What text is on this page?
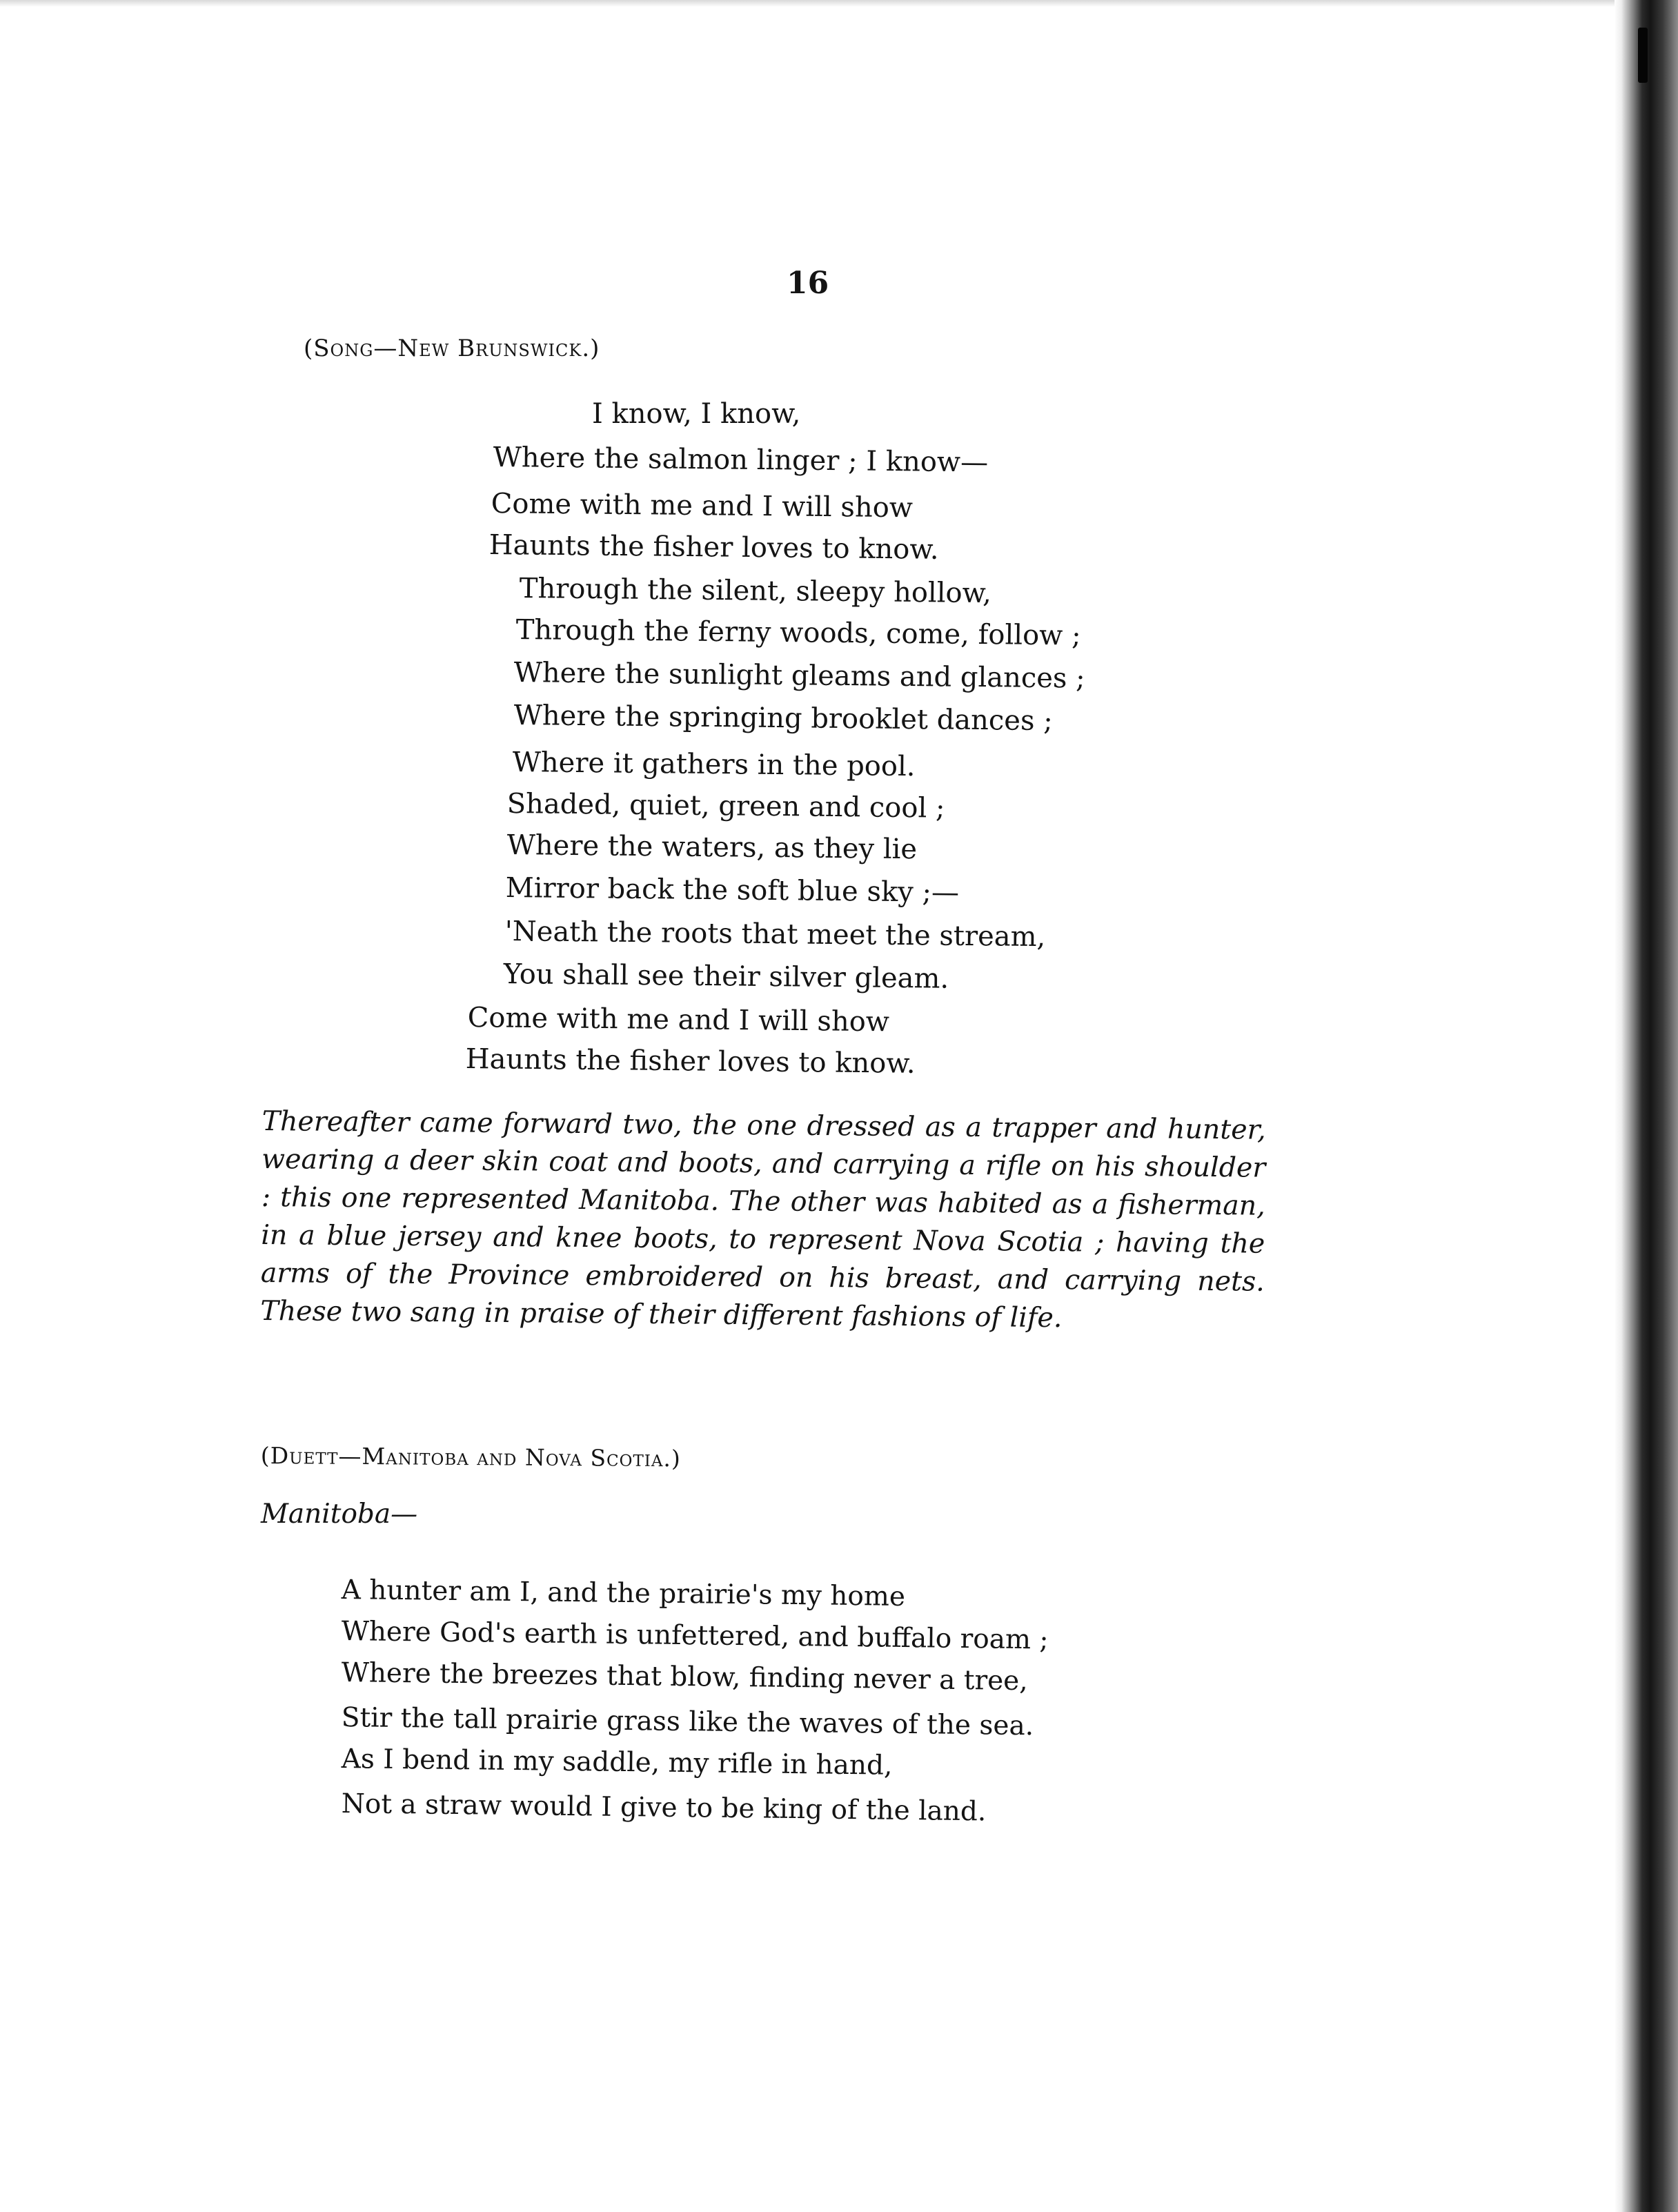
16
(Song—New Brunswick.)
I know, I know,
Where the salmon linger ; I know—
Come with me and I will show
Haunts the fisher loves to know.
Through the silent, sleepy hollow,
Through the ferny woods, come, follow ;
Where the sunlight gleams and glances ;
Where the springing brooklet dances ;
Where it gathers in the pool.
Shaded, quiet, green and cool ;
Where the waters, as they lie
Mirror back the soft blue sky ;—
'Neath the roots that meet the stream,
You shall see their silver gleam.
Come with me and I will show
Haunts the fisher loves to know.
Thereafter came forward two, the one dressed as a trapper and hunter, wearing a deer skin coat and boots, and carrying a rifle on his shoulder : this one represented Manitoba. The other was habited as a fisherman, in a blue jersey and knee boots, to represent Nova Scotia ; having the arms of the Province embroidered on his breast, and carrying nets. These two sang in praise of their different fashions of life.
(Duett—Manitoba and Nova Scotia.)
Manitoba—
A hunter am I, and the prairie's my home
Where God's earth is unfettered, and buffalo roam ;
Where the breezes that blow, finding never a tree,
Stir the tall prairie grass like the waves of the sea.
As I bend in my saddle, my rifle in hand,
Not a straw would I give to be king of the land.
